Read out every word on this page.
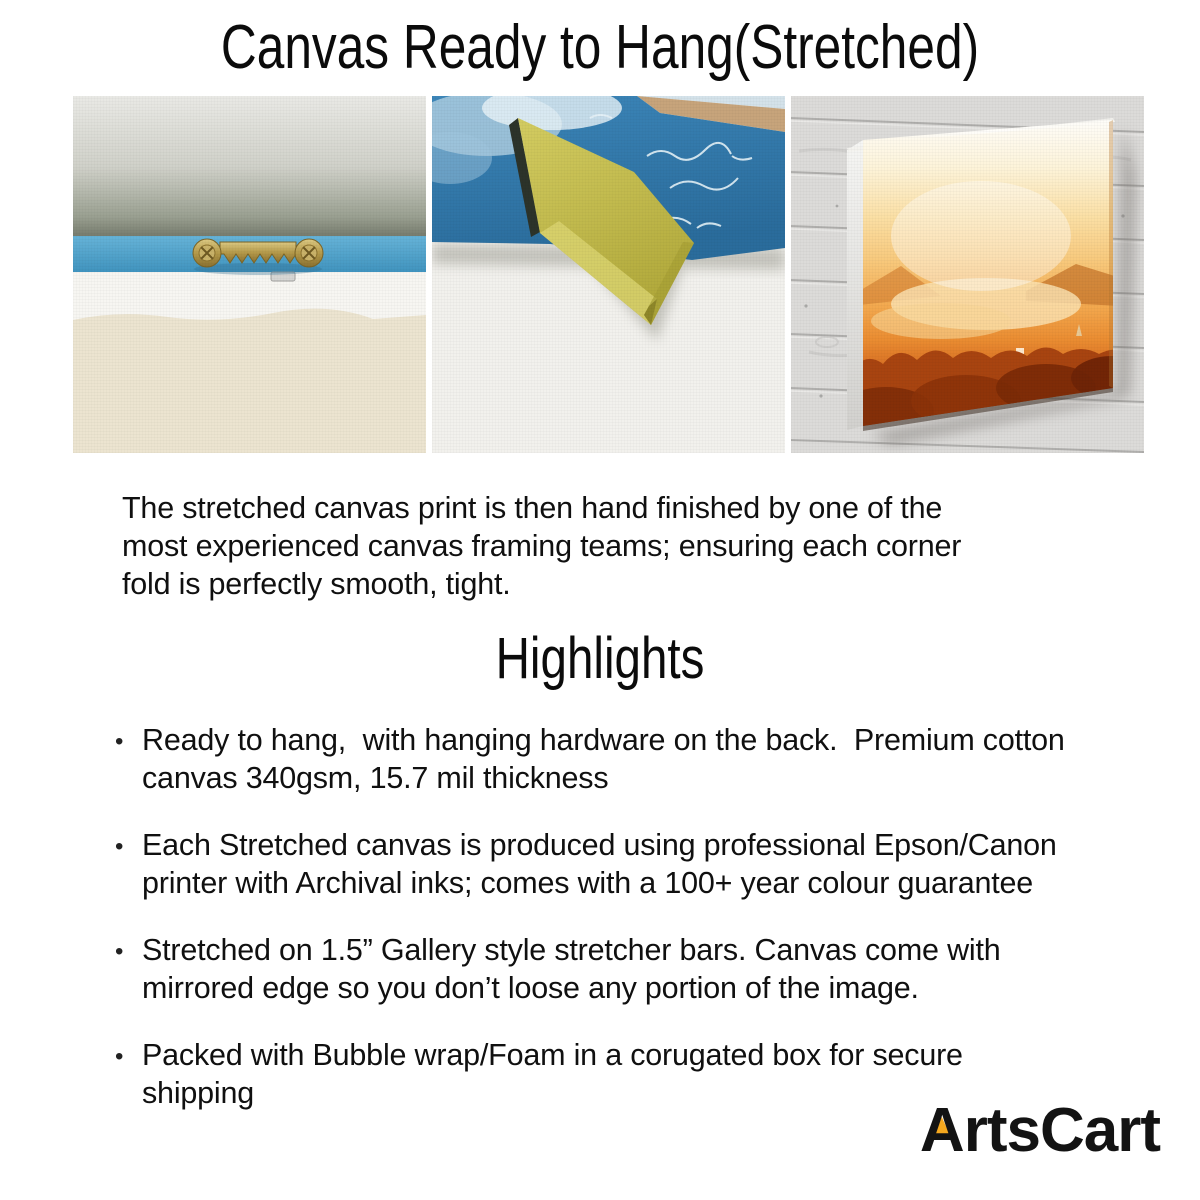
Canvas Ready to Hang(Stretched)

The stretched canvas print is then hand finished by one of the
most experienced canvas framing teams; ensuring each corner
fold is perfectly smooth, tight.

Highlights
• Ready to hang,  with hanging hardware on the back.  Premium cotton
canvas 340gsm, 15.7 mil thickness
• Each Stretched canvas is produced using professional Epson/Canon
printer with Archival inks; comes with a 100+ year colour guarantee
• Stretched on 1.5” Gallery style stretcher bars. Canvas come with
mirrored edge so you don’t loose any portion of the image.
• Packed with Bubble wrap/Foam in a corugated box for secure
shipping
ArtsCart
